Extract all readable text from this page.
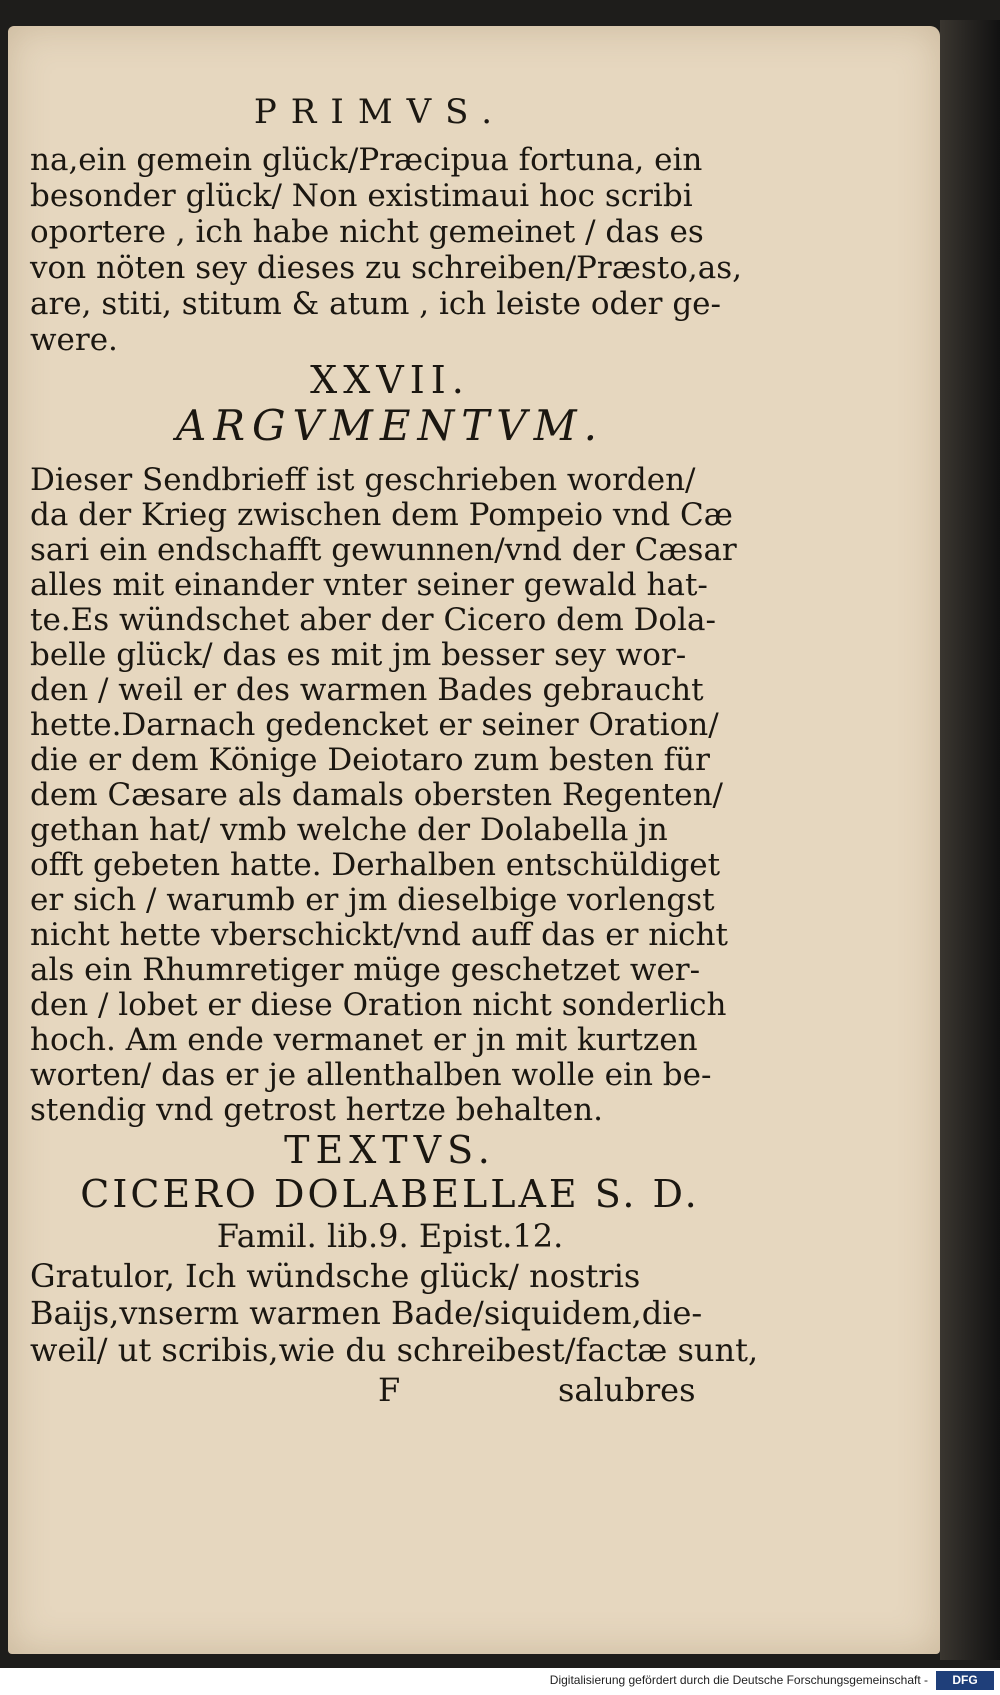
PRIMVS.
na,ein gemein glück/Præcipua fortuna, ein
besonder glück/ Non existimaui hoc scribi
oportere , ich habe nicht gemeinet / das es
von nöten sey dieses zu schreiben/Præsto,as,
are, stiti, stitum & atum , ich leiste oder ge-
were.
XXVII.
ARGVMENTVM.
Dieser Sendbrieff ist geschrieben worden/
da der Krieg zwischen dem Pompeio vnd Cæ
sari ein endschafft gewunnen/vnd der Cæsar
alles mit einander vnter seiner gewald hat-
te.Es wündschet aber der Cicero dem Dola-
belle glück/ das es mit jm besser sey wor-
den / weil er des warmen Bades gebraucht
hette.Darnach gedencket er seiner Oration/
die er dem Könige Deiotaro zum besten für
dem Cæsare als damals obersten Regenten/
gethan hat/ vmb welche der Dolabella jn
offt gebeten hatte. Derhalben entschüldiget
er sich / warumb er jm dieselbige vorlengst
nicht hette vberschickt/vnd auff das er nicht
als ein Rhumretiger müge geschetzet wer-
den / lobet er diese Oration nicht sonderlich
hoch. Am ende vermanet er jn mit kurtzen
worten/ das er je allenthalben wolle ein be-
stendig vnd getrost hertze behalten.
TEXTVS.
CICERO DOLABELLAE S. D.
Famil. lib.9. Epist.12.
Gratulor, Ich wündsche glück/ nostris
Baijs,vnserm warmen Bade/siquidem,die-
weil/ ut scribis,wie du schreibest/factæ sunt,
F	salubres
Digitalisierung gefördert durch die Deutsche Forschungsgemeinschaft -	DFG
